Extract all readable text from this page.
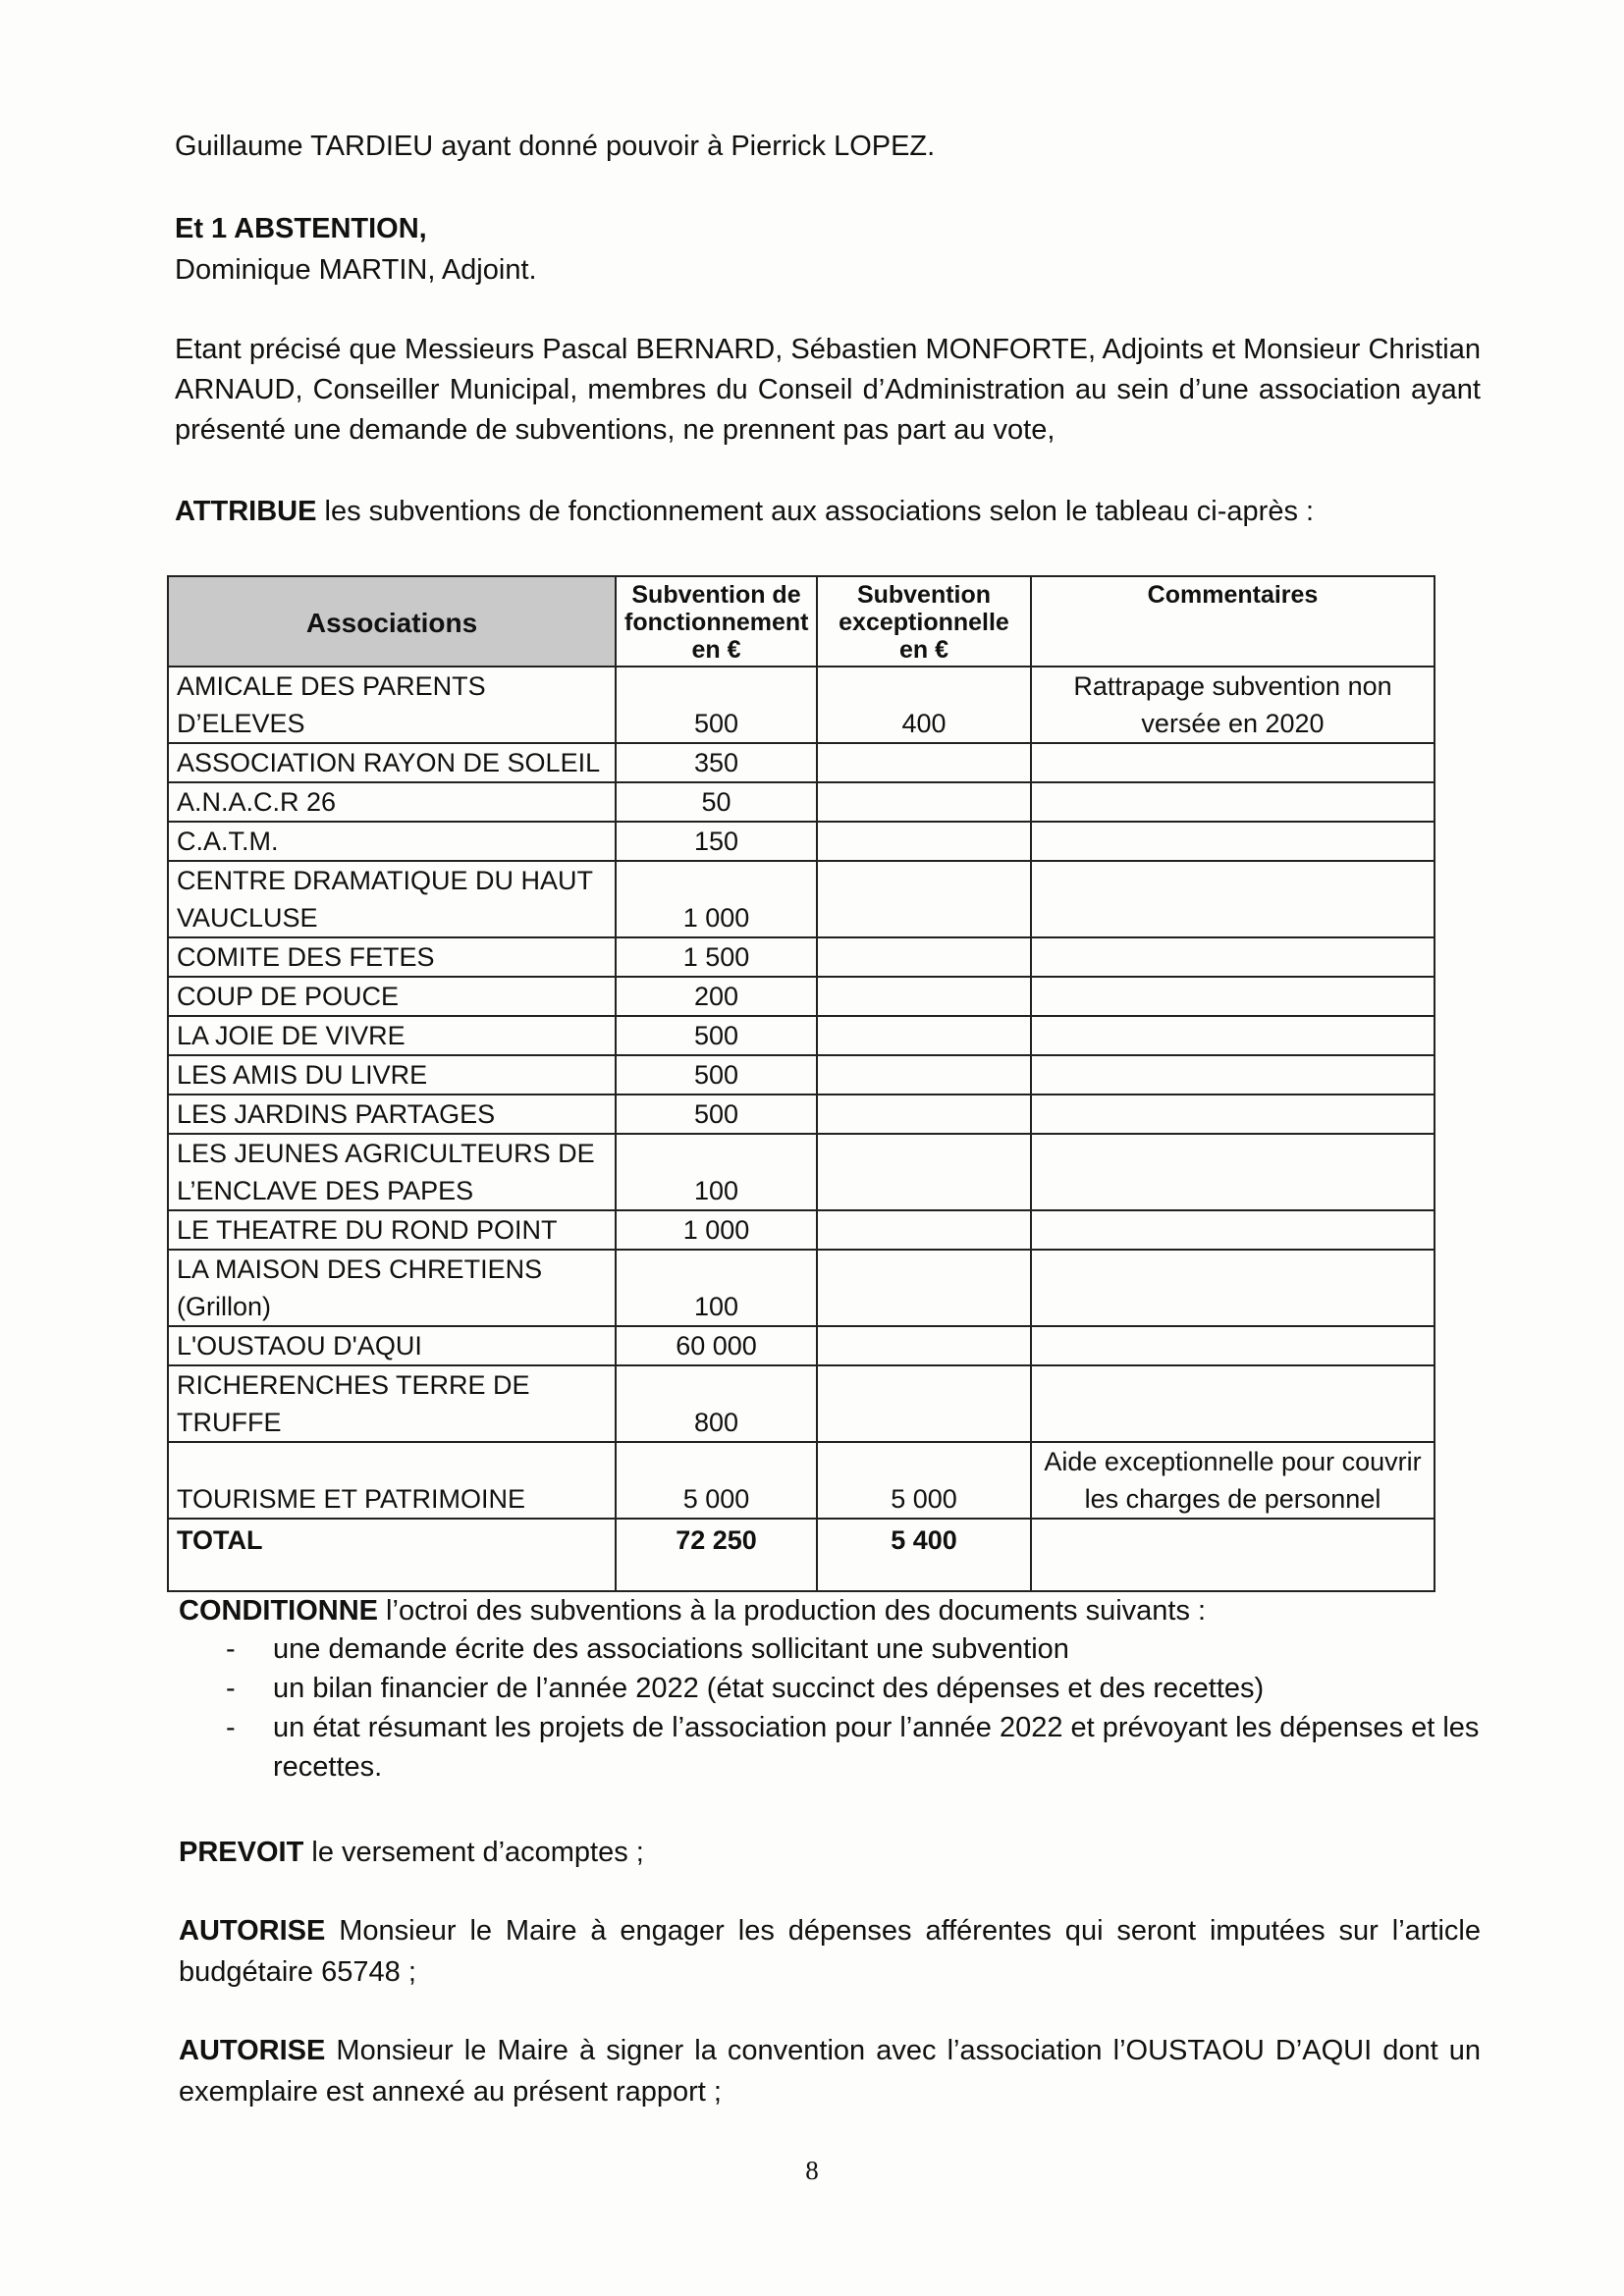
Guillaume TARDIEU ayant donné pouvoir à Pierrick LOPEZ.

Et 1 ABSTENTION,

Dominique MARTIN, Adjoint.

Etant précisé que Messieurs Pascal BERNARD, Sébastien MONFORTE, Adjoints et Monsieur Christian ARNAUD, Conseiller Municipal, membres du Conseil d’Administration au sein d’une association ayant présenté une demande de subventions, ne prennent pas part au vote,

ATTRIBUE les subventions de fonctionnement aux associations selon le tableau ci-après :

Associations	Subvention de fonctionnement en €	Subvention exceptionnelle en €	Commentaires
AMICALE DES PARENTS D’ELEVES	500	400	Rattrapage subvention non versée en 2020
ASSOCIATION RAYON DE SOLEIL	350		
A.N.A.C.R 26	50		
C.A.T.M.	150		
CENTRE DRAMATIQUE DU HAUT VAUCLUSE	1 000		
COMITE DES FETES	1 500		
COUP DE POUCE	200		
LA JOIE DE VIVRE	500		
LES AMIS DU LIVRE	500		
LES JARDINS PARTAGES	500		
LES JEUNES AGRICULTEURS DE L’ENCLAVE DES PAPES	100		
LE THEATRE DU ROND POINT	1 000		
LA MAISON DES CHRETIENS (Grillon)	100		
L'OUSTAOU D'AQUI	60 000		
RICHERENCHES TERRE DE TRUFFE	800		
TOURISME ET PATRIMOINE	5 000	5 000	Aide exceptionnelle pour couvrir les charges de personnel
TOTAL	72 250	5 400	

CONDITIONNE l’octroi des subventions à la production des documents suivants :

- une demande écrite des associations sollicitant une subvention
- un bilan financier de l’année 2022 (état succinct des dépenses et des recettes)
- un état résumant les projets de l’association pour l’année 2022 et prévoyant les dépenses et les recettes.

PREVOIT le versement d’acomptes ;

AUTORISE Monsieur le Maire à engager les dépenses afférentes qui seront imputées sur l’article budgétaire 65748 ;

AUTORISE Monsieur le Maire à signer la convention avec l’association l’OUSTAOU D’AQUI dont un exemplaire est annexé au présent rapport ;

8
